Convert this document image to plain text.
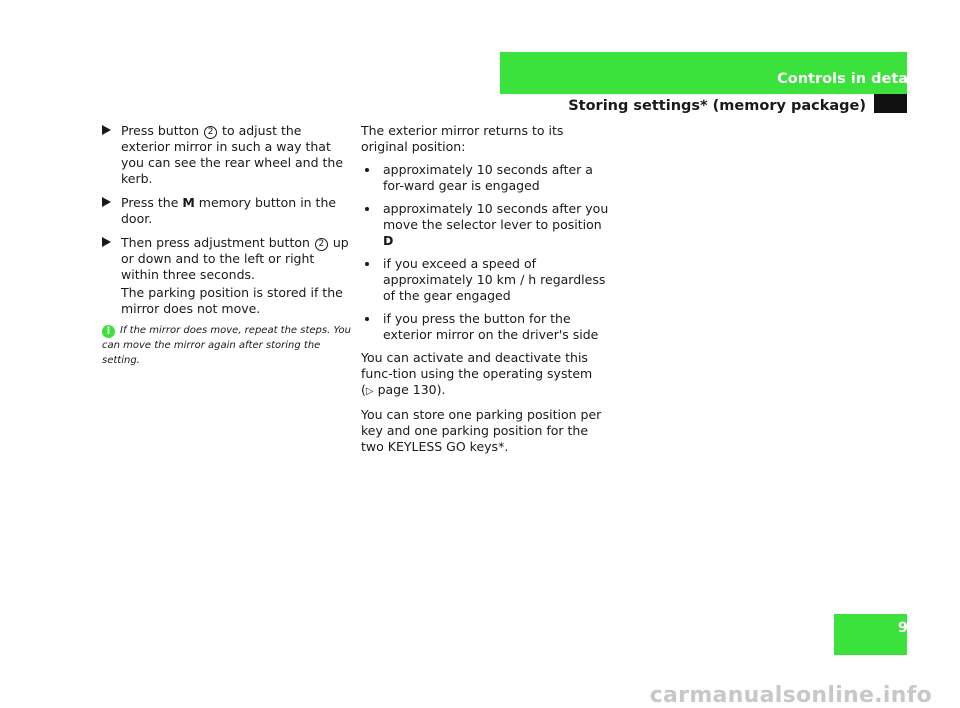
Controls in detail
Storing settings* (memory package)
Press button 2 to adjust the exterior mirror in such a way that you can see the rear wheel and the kerb.
Press the M memory button in the door.
Then press adjustment button 2 up or down and to the left or right within three seconds.
The parking position is stored if the mirror does not move.
i If the mirror does move, repeat the steps. You can move the mirror again after storing the setting.
The exterior mirror returns to its original position:
approximately 10 seconds after a for-ward gear is engaged
approximately 10 seconds after you move the selector lever to position D
if you exceed a speed of approximately 10 km / h regardless of the gear engaged
if you press the button for the exterior mirror on the driver's side
You can activate and deactivate this func-tion using the operating system
(▷ page 130).
You can store one parking position per key and one parking position for the two KEYLESS GO keys*.
99
carmanualsonline.info
